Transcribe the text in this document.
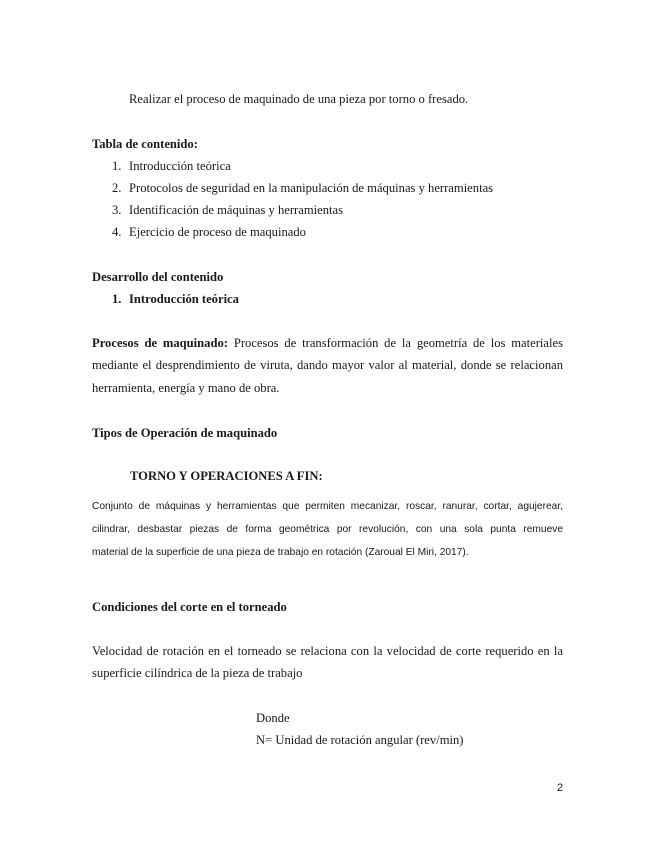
Realizar el proceso de maquinado de una pieza por torno o fresado.
Tabla de contenido:
1. Introducción teórica
2. Protocolos de seguridad en la manipulación de máquinas y herramientas
3. Identificación de máquinas y herramientas
4. Ejercicio de proceso de maquinado
Desarrollo del contenido
1. Introducción teórica
Procesos de maquinado: Procesos de transformación de la geometría de los materiales
mediante el desprendimiento de viruta, dando mayor valor al material, donde se relacionan
herramienta, energía y mano de obra.
Tipos de Operación de maquinado
TORNO Y OPERACIONES A FIN:
Conjunto de máquinas y herramientas que permiten mecanizar, roscar, ranurar, cortar, agujerear,
cilindrar, desbastar piezas de forma geométrica por revolución, con una sola punta remueve
material de la superficie de una pieza de trabajo en rotación (Zaroual El Miri, 2017).
Condiciones del corte en el torneado
Velocidad de rotación en el torneado se relaciona con la velocidad de corte requerido en la
superficie cilíndrica de la pieza de trabajo
Donde
N= Unidad de rotación angular (rev/min)
2
